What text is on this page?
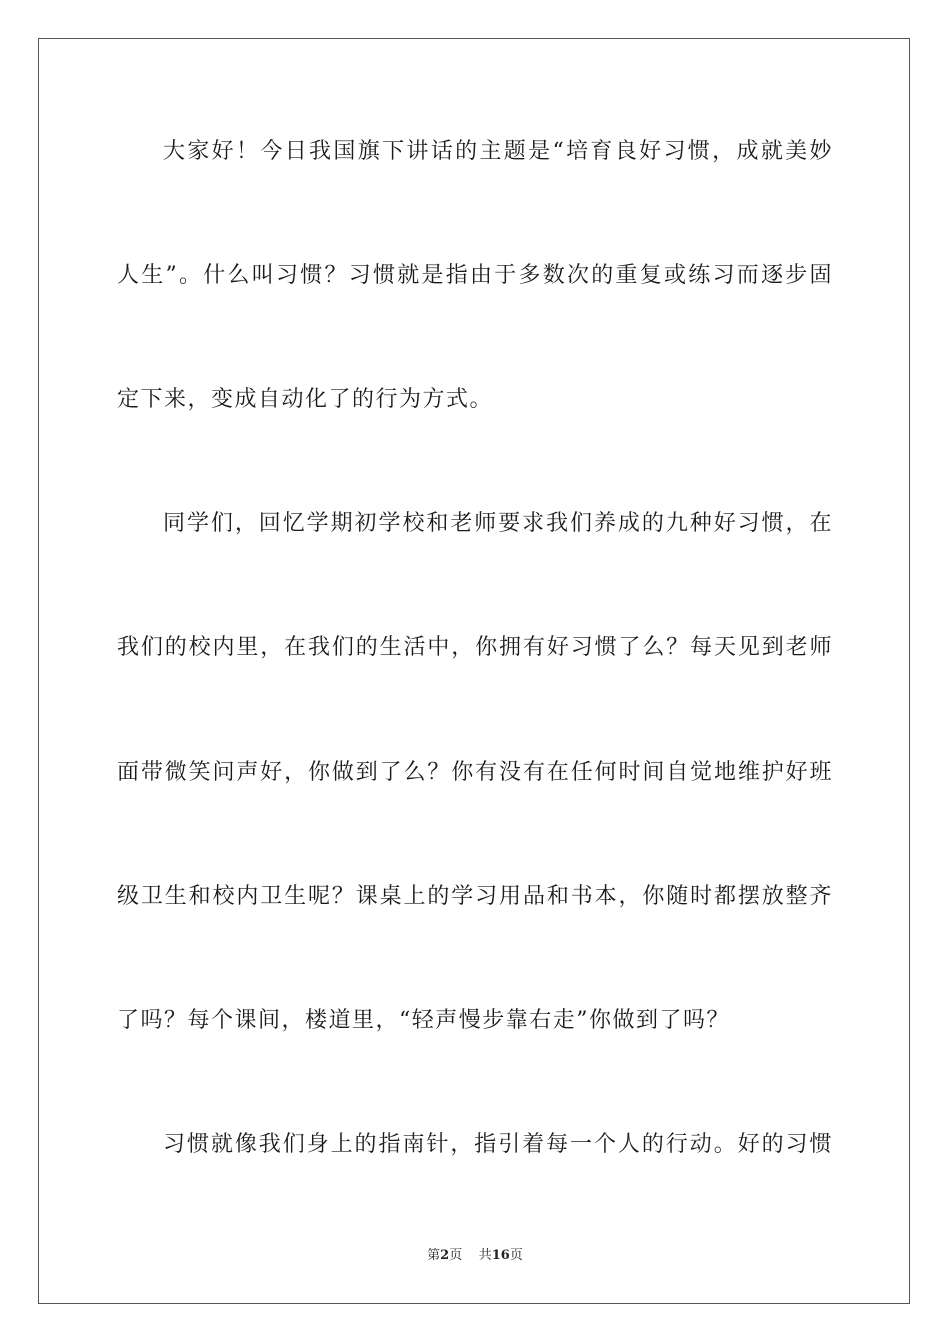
大家好！今日我国旗下讲话的主题是“培育良好习惯，成就美妙
人生”。什么叫习惯？习惯就是指由于多数次的重复或练习而逐步固
定下来，变成自动化了的行为方式。
同学们，回忆学期初学校和老师要求我们养成的九种好习惯，在
我们的校内里，在我们的生活中，你拥有好习惯了么？每天见到老师
面带微笑问声好，你做到了么？你有没有在任何时间自觉地维护好班
级卫生和校内卫生呢？课桌上的学习用品和书本，你随时都摆放整齐
了吗？每个课间，楼道里，“轻声慢步靠右走”你做到了吗？
习惯就像我们身上的指南针，指引着每一个人的行动。好的习惯
第2页 共16页
